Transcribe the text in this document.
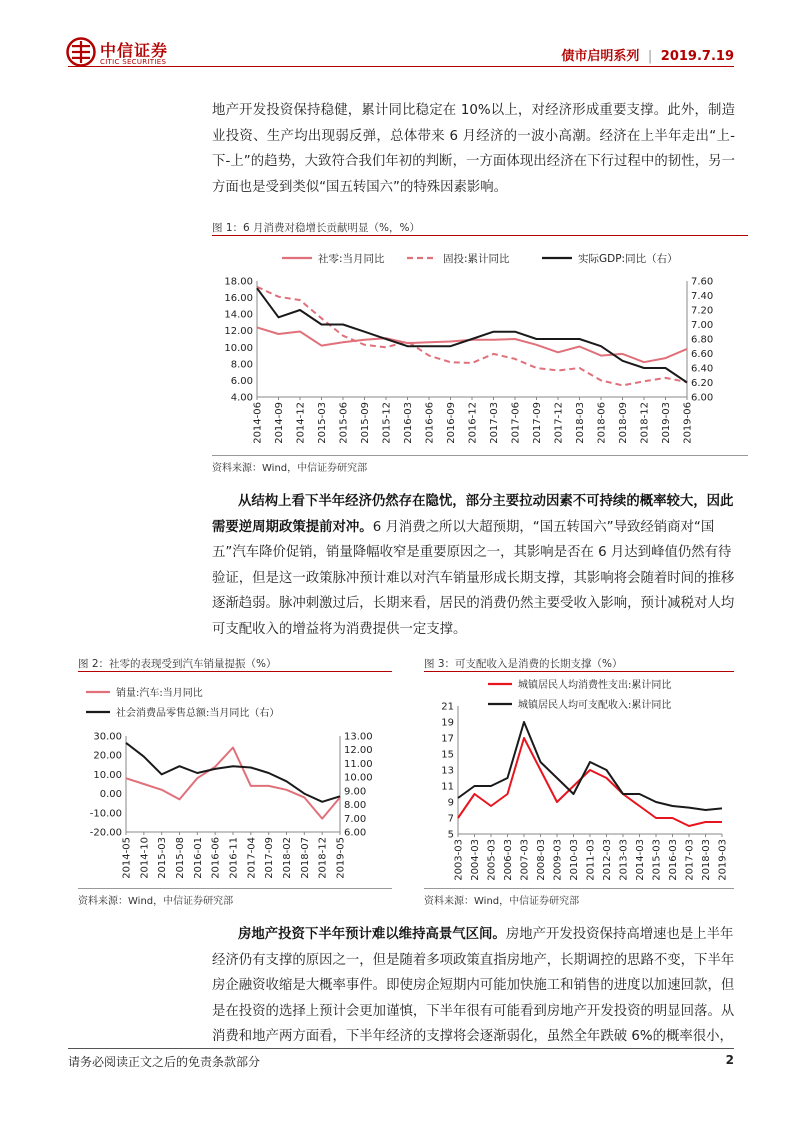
中信证券
CITIC SECURITIES	债市启明系列 | 2019.7.19
地产开发投资保持稳健，累计同比稳定在 10%以上，对经济形成重要支撑。此外，制造业投资、生产均出现弱反弹，总体带来 6 月经济的一波小高潮。经济在上半年走出“上-下-上”的趋势，大致符合我们年初的判断，一方面体现出经济在下行过程中的韧性，另一方面也是受到类似“国五转国六”的特殊因素影响。
图 1：6 月消费对稳增长贡献明显（%，%）
18.00
16.00
14.00
12.00
10.00
8.00
6.00
4.00
7.60
7.40
7.20
7.00
6.80
6.60
6.40
6.20
6.00
2014-06 2014-09 2014-12 2015-03 2015-06 2015-09 2015-12 2016-03 2016-06 2016-09 2016-12 2017-03 2017-06 2017-09 2017-12 2018-03 2018-06 2018-09 2018-12 2019-03 2019-06
社零:当月同比	固投:累计同比	实际GDP:同比（右）
资料来源：Wind，中信证券研究部
从结构上看下半年经济仍然存在隐忧，部分主要拉动因素不可持续的概率较大，因此需要逆周期政策提前对冲。6 月消费之所以大超预期，“国五转国六”导致经销商对“国五”汽车降价促销，销量降幅收窄是重要原因之一，其影响是否在 6 月达到峰值仍然有待验证，但是这一政策脉冲预计难以对汽车销量形成长期支撑，其影响将会随着时间的推移逐渐趋弱。脉冲刺激过后，长期来看，居民的消费仍然主要受收入影响，预计减税对人均可支配收入的增益将为消费提供一定支撑。
图 2：社零的表现受到汽车销量提振（%）
30.00
20.00
10.00
0.00
-10.00
-20.00
13.00
12.00
11.00
10.00
9.00
8.00
7.00
6.00
2014-05 2014-10 2015-03 2015-08 2016-01 2016-06 2016-11 2017-04 2017-09 2018-02 2018-07 2018-12 2019-05
销量:汽车:当月同比
社会消费品零售总额:当月同比（右）
资料来源：Wind，中信证券研究部
图 3：可支配收入是消费的长期支撑（%）
21
19
17
15
13
11
9
7
5
2003-03 2004-03 2005-03 2006-03 2007-03 2008-03 2009-03 2010-03 2011-03 2012-03 2013-03 2014-03 2015-03 2016-03 2017-03 2018-03 2019-03
城镇居民人均消费性支出:累计同比
城镇居民人均可支配收入:累计同比
资料来源：Wind，中信证券研究部
房地产投资下半年预计难以维持高景气区间。房地产开发投资保持高增速也是上半年经济仍有支撑的原因之一，但是随着多项政策直指房地产，长期调控的思路不变，下半年房企融资收缩是大概率事件。即使房企短期内可能加快施工和销售的进度以加速回款，但是在投资的选择上预计会更加谨慎，下半年很有可能看到房地产开发投资的明显回落。从消费和地产两方面看，下半年经济的支撑将会逐渐弱化，虽然全年跌破 6%的概率很小，
请务必阅读正文之后的免责条款部分	2
